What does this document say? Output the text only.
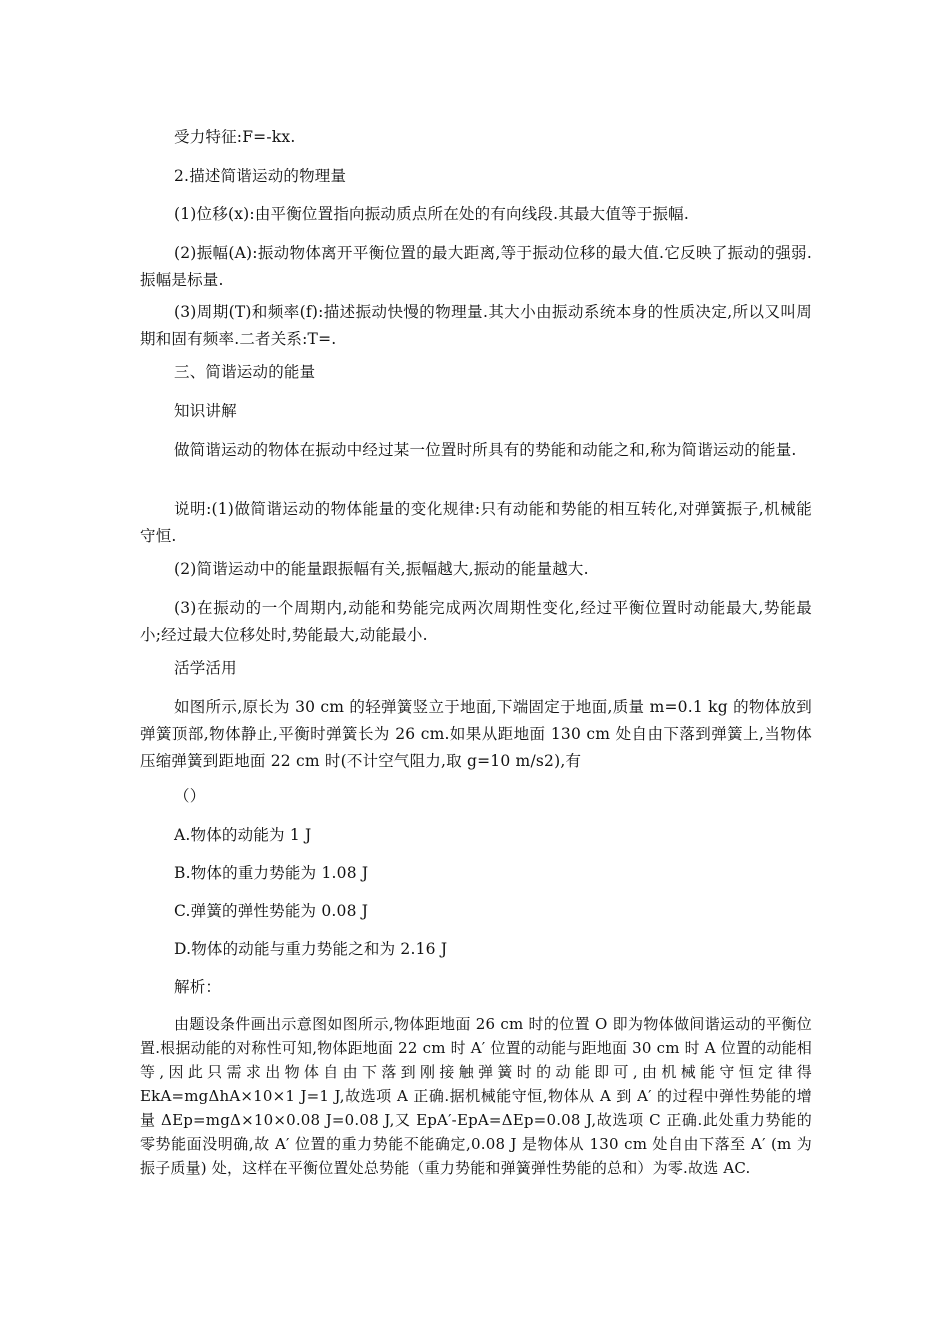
受力特征:F=-kx.

2.描述简谐运动的物理量

(1)位移(x):由平衡位置指向振动质点所在处的有向线段.其最大值等于振幅.

(2)振幅(A):振动物体离开平衡位置的最大距离,等于振动位移的最大值.它反映了振动的强弱.振幅是标量.

(3)周期(T)和频率(f):描述振动快慢的物理量.其大小由振动系统本身的性质决定,所以又叫周期和固有频率.二者关系:T=.

三、简谐运动的能量

知识讲解

做简谐运动的物体在振动中经过某一位置时所具有的势能和动能之和,称为简谐运动的能量.

说明:(1)做简谐运动的物体能量的变化规律:只有动能和势能的相互转化,对弹簧振子,机械能守恒.

(2)简谐运动中的能量跟振幅有关,振幅越大,振动的能量越大.

(3)在振动的一个周期内,动能和势能完成两次周期性变化,经过平衡位置时动能最大,势能最小;经过最大位移处时,势能最大,动能最小.

活学活用

如图所示,原长为 30 cm 的轻弹簧竖立于地面,下端固定于地面,质量 m=0.1 kg 的物体放到弹簧顶部,物体静止,平衡时弹簧长为 26 cm.如果从距地面 130 cm 处自由下落到弹簧上,当物体压缩弹簧到距地面 22 cm 时(不计空气阻力,取 g=10 m/s2),有

（）

A.物体的动能为 1 J

B.物体的重力势能为 1.08 J

C.弹簧的弹性势能为 0.08 J

D.物体的动能与重力势能之和为 2.16 J

解析：

由题设条件画出示意图如图所示,物体距地面 26 cm 时的位置 O 即为物体做间谐运动的平衡位置.根据动能的对称性可知,物体距地面 22 cm 时 A′ 位置的动能与距地面 30 cm 时 A 位置的动能相等,因此只需求出物体自由下落到刚接触弹簧时的动能即可,由机械能守恒定律得 EkA=mgΔhA×10×1 J=1 J,故选项 A 正确.据机械能守恒,物体从 A 到 A′ 的过程中弹性势能的增量 ΔEp=mgΔ×10×0.08 J=0.08 J,又 EpA′-EpA=ΔEp=0.08 J,故选项 C 正确.此处重力势能的零势能面没明确,故 A′ 位置的重力势能不能确定,0.08 J 是物体从 130 cm 处自由下落至 A′ (m 为振子质量) 处，这样在平衡位置处总势能（重力势能和弹簧弹性势能的总和）为零.故选 AC.
